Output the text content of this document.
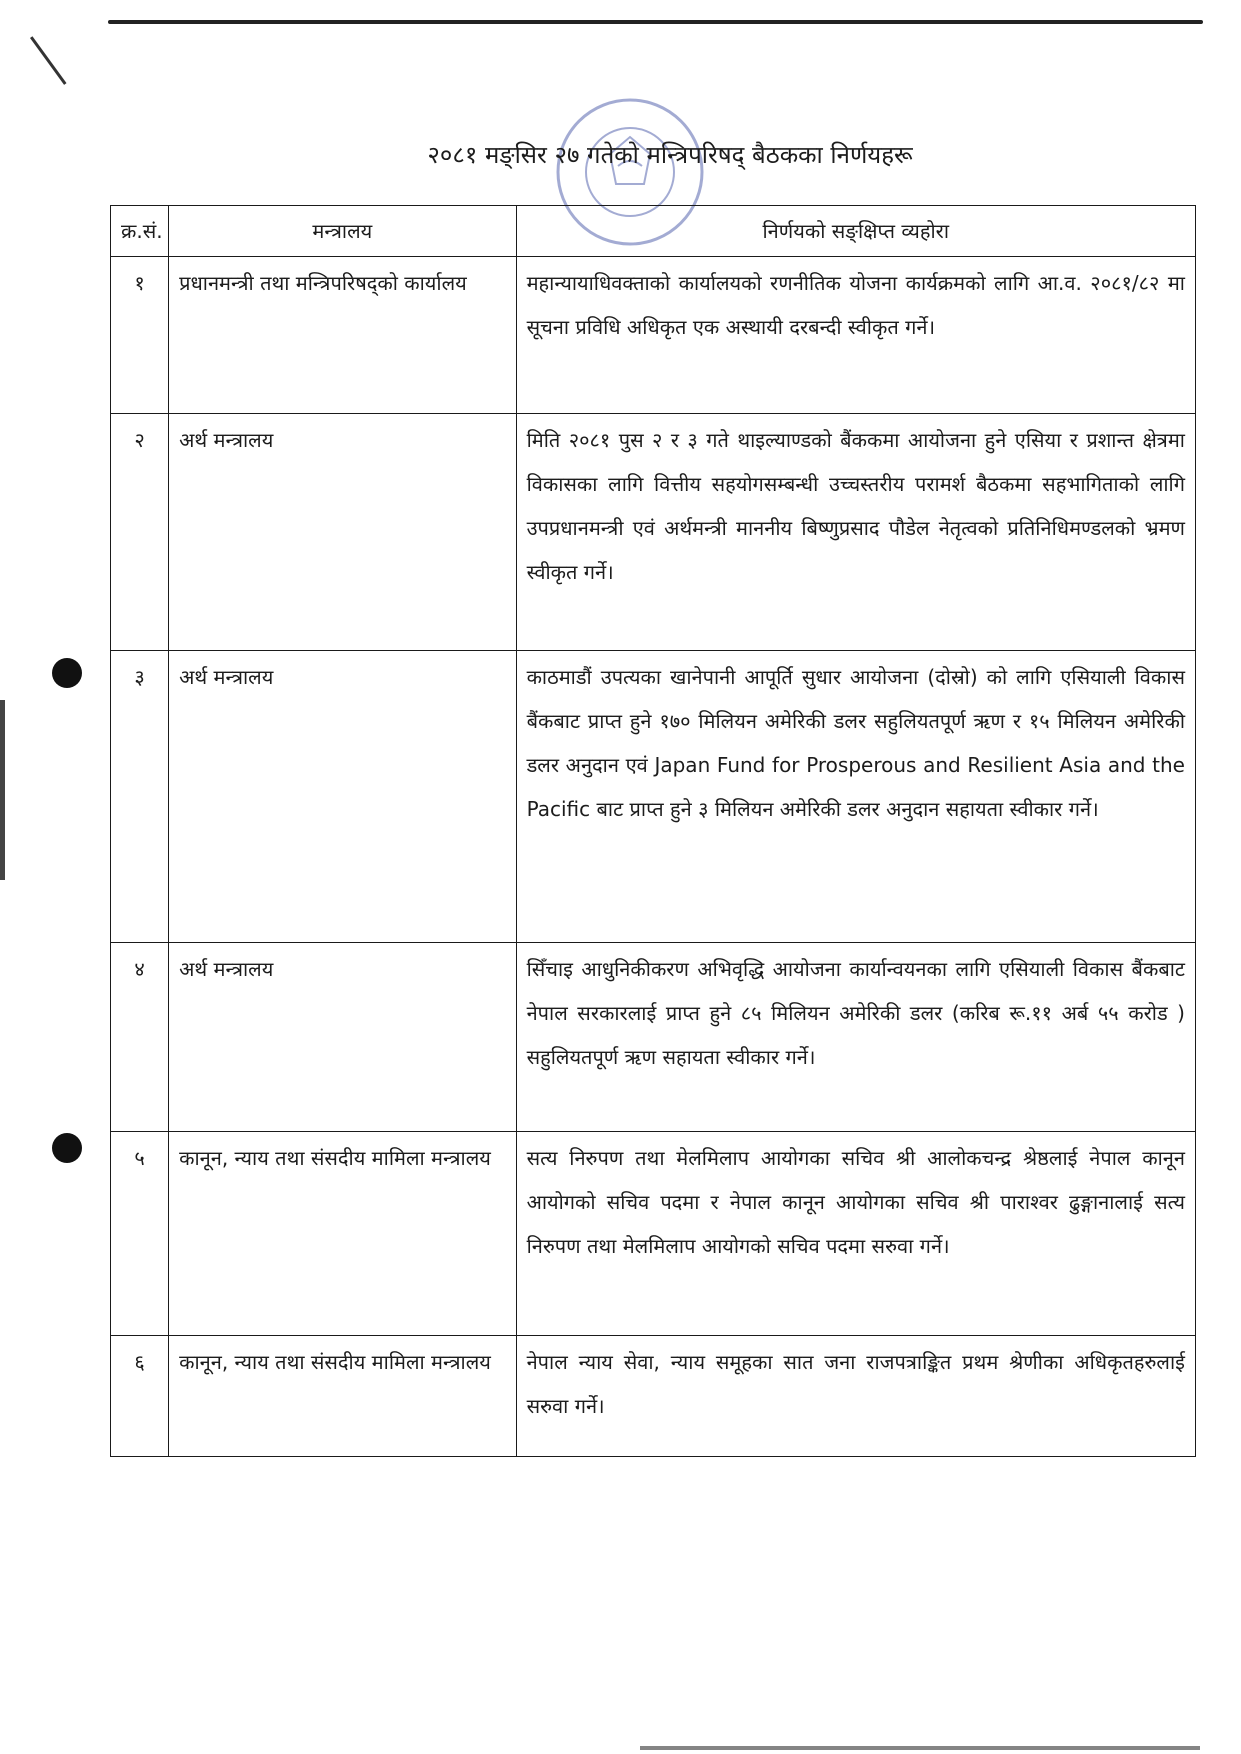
२०८१ मङ्सिर २७ गतेको मन्त्रिपरिषद् बैठकका निर्णयहरू
क्र.सं.	मन्त्रालय	निर्णयको सङ्क्षिप्त व्यहोरा
१	प्रधानमन्त्री तथा मन्त्रिपरिषद्को कार्यालय	महान्यायाधिवक्ताको कार्यालयको रणनीतिक योजना कार्यक्रमको लागि आ.व. २०८१/८२ मा सूचना प्रविधि अधिकृत एक अस्थायी दरबन्दी स्वीकृत गर्ने।
२	अर्थ मन्त्रालय	मिति २०८१ पुस २ र ३ गते थाइल्याण्डको बैंककमा आयोजना हुने एसिया र प्रशान्त क्षेत्रमा विकासका लागि वित्तीय सहयोगसम्बन्धी उच्चस्तरीय परामर्श बैठकमा सहभागिताको लागि उपप्रधानमन्त्री एवं अर्थमन्त्री माननीय बिष्णुप्रसाद पौडेल नेतृत्वको प्रतिनिधिमण्डलको भ्रमण स्वीकृत गर्ने।
३	अर्थ मन्त्रालय	काठमाडौं उपत्यका खानेपानी आपूर्ति सुधार आयोजना (दोस्रो) को लागि एसियाली विकास बैंकबाट प्राप्त हुने १७० मिलियन अमेरिकी डलर सहुलियतपूर्ण ऋण र १५ मिलियन अमेरिकी डलर अनुदान एवं Japan Fund for Prosperous and Resilient Asia and the Pacific बाट प्राप्त हुने ३ मिलियन अमेरिकी डलर अनुदान सहायता स्वीकार गर्ने।
४	अर्थ मन्त्रालय	सिँचाइ आधुनिकीकरण अभिवृद्धि आयोजना कार्यान्वयनका लागि एसियाली विकास बैंकबाट नेपाल सरकारलाई प्राप्त हुने ८५ मिलियन अमेरिकी डलर (करिब रू.११ अर्ब ५५ करोड ) सहुलियतपूर्ण ऋण सहायता स्वीकार गर्ने।
५	कानून, न्याय तथा संसदीय मामिला मन्त्रालय	सत्य निरुपण तथा मेलमिलाप आयोगका सचिव श्री आलोकचन्द्र श्रेष्ठलाई नेपाल कानून आयोगको सचिव पदमा र नेपाल कानून आयोगका सचिव श्री पाराश्वर ढुङ्गानालाई सत्य निरुपण तथा मेलमिलाप आयोगको सचिव पदमा सरुवा गर्ने।
६	कानून, न्याय तथा संसदीय मामिला मन्त्रालय	नेपाल न्याय सेवा, न्याय समूहका सात जना राजपत्राङ्कित प्रथम श्रेणीका अधिकृतहरुलाई सरुवा गर्ने।
